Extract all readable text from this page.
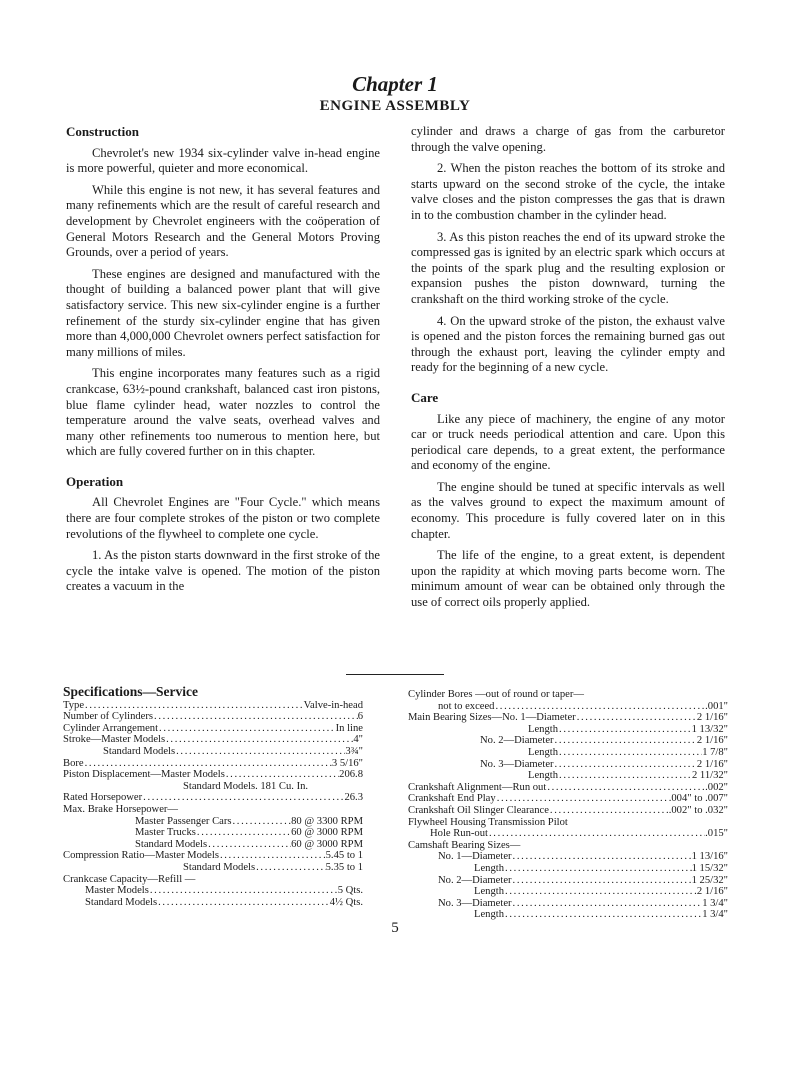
Chapter 1
ENGINE ASSEMBLY
Construction

Chevrolet's new 1934 six-cylinder valve in-head engine is more powerful, quieter and more economical.

While this engine is not new, it has several features and many refinements which are the result of careful research and development by Chevrolet engineers with the coöperation of General Motors Research and the General Motors Proving Grounds, over a period of years.

These engines are designed and manufactured with the thought of building a balanced power plant that will give satisfactory service. This new six-cylinder engine is a further refinement of the sturdy six-cylinder engine that has given more than 4,000,000 Chevrolet owners perfect satisfaction for many millions of miles.

This engine incorporates many features such as a rigid crankcase, 63½-pound crankshaft, balanced cast iron pistons, blue flame cylinder head, water nozzles to control the temperature around the valve seats, overhead valves and many other refinements too numerous to mention here, but which are fully covered further on in this chapter.

Operation

All Chevrolet Engines are "Four Cycle." which means there are four complete strokes of the piston or two complete revolutions of the flywheel to complete one cycle.

1. As the piston starts downward in the first stroke of the cycle the intake valve is opened. The motion of the piston creates a vacuum in the

cylinder and draws a charge of gas from the carburetor through the valve opening.

2. When the piston reaches the bottom of its stroke and starts upward on the second stroke of the cycle, the intake valve closes and the piston compresses the gas that is drawn in to the combustion chamber in the cylinder head.

3. As this piston reaches the end of its upward stroke the compressed gas is ignited by an electric spark which occurs at the points of the spark plug and the resulting explosion or expansion pushes the piston downward, turning the crankshaft on the third working stroke of the cycle.

4. On the upward stroke of the piston, the exhaust valve is opened and the piston forces the remaining burned gas out through the exhaust port, leaving the cylinder empty and ready for the beginning of a new cycle.

Care

Like any piece of machinery, the engine of any motor car or truck needs periodical attention and care. Upon this periodical care depends, to a great extent, the performance and economy of the engine.

The engine should be tuned at specific intervals as well as the valves ground to expect the maximum amount of economy. This procedure is fully covered later on in this chapter.

The life of the engine, to a great extent, is dependent upon the rapidity at which moving parts become worn. The minimum amount of wear can be obtained only through the use of correct oils properly applied.

Specifications—Service
Type . . .	Valve-in-head
Number of Cylinders . . .	6
Cylinder Arrangement . . .	In line
Stroke—Master Models . . .	4"
Standard Models . . .	3¾"
Bore . . .	3 5/16"
Piston Displacement—Master Models . . .	206.8
Standard Models. 181 Cu. In.
Rated Horsepower . . .	26.3
Max. Brake Horsepower—
Master Passenger Cars . . .	80 @ 3300 RPM
Master Trucks . . .	60 @ 3000 RPM
Standard Models . . .	60 @ 3000 RPM
Compression Ratio—Master Models . . .	5.45 to 1
Standard Models . . .	5.35 to 1
Crankcase Capacity—Refill —
Master Models . . .	5 Qts.
Standard Models . . .	4½ Qts.
Cylinder Bores —out of round or taper—
not to exceed . . .	.001"
Main Bearing Sizes—No. 1—Diameter . . .	2 1/16"
Length . . .	1 13/32"
No. 2—Diameter . . .	2 1/16"
Length . . .	1 7/8"
No. 3—Diameter . . .	2 1/16"
Length . . .	2 11/32"
Crankshaft Alignment—Run out . . .	.002"
Crankshaft End Play . . .	.004" to .007"
Crankshaft Oil Slinger Clearance . . .	.002" to .032"
Flywheel Housing Transmission Pilot
Hole Run-out . . .	.015"
Camshaft Bearing Sizes—
No. 1—Diameter . . .	1 13/16"
Length . . .	1 15/32"
No. 2—Diameter . . .	1 25/32"
Length . . .	2 1/16"
No. 3—Diameter . . .	1 3/4"
Length . . .	1 3/4"
5
